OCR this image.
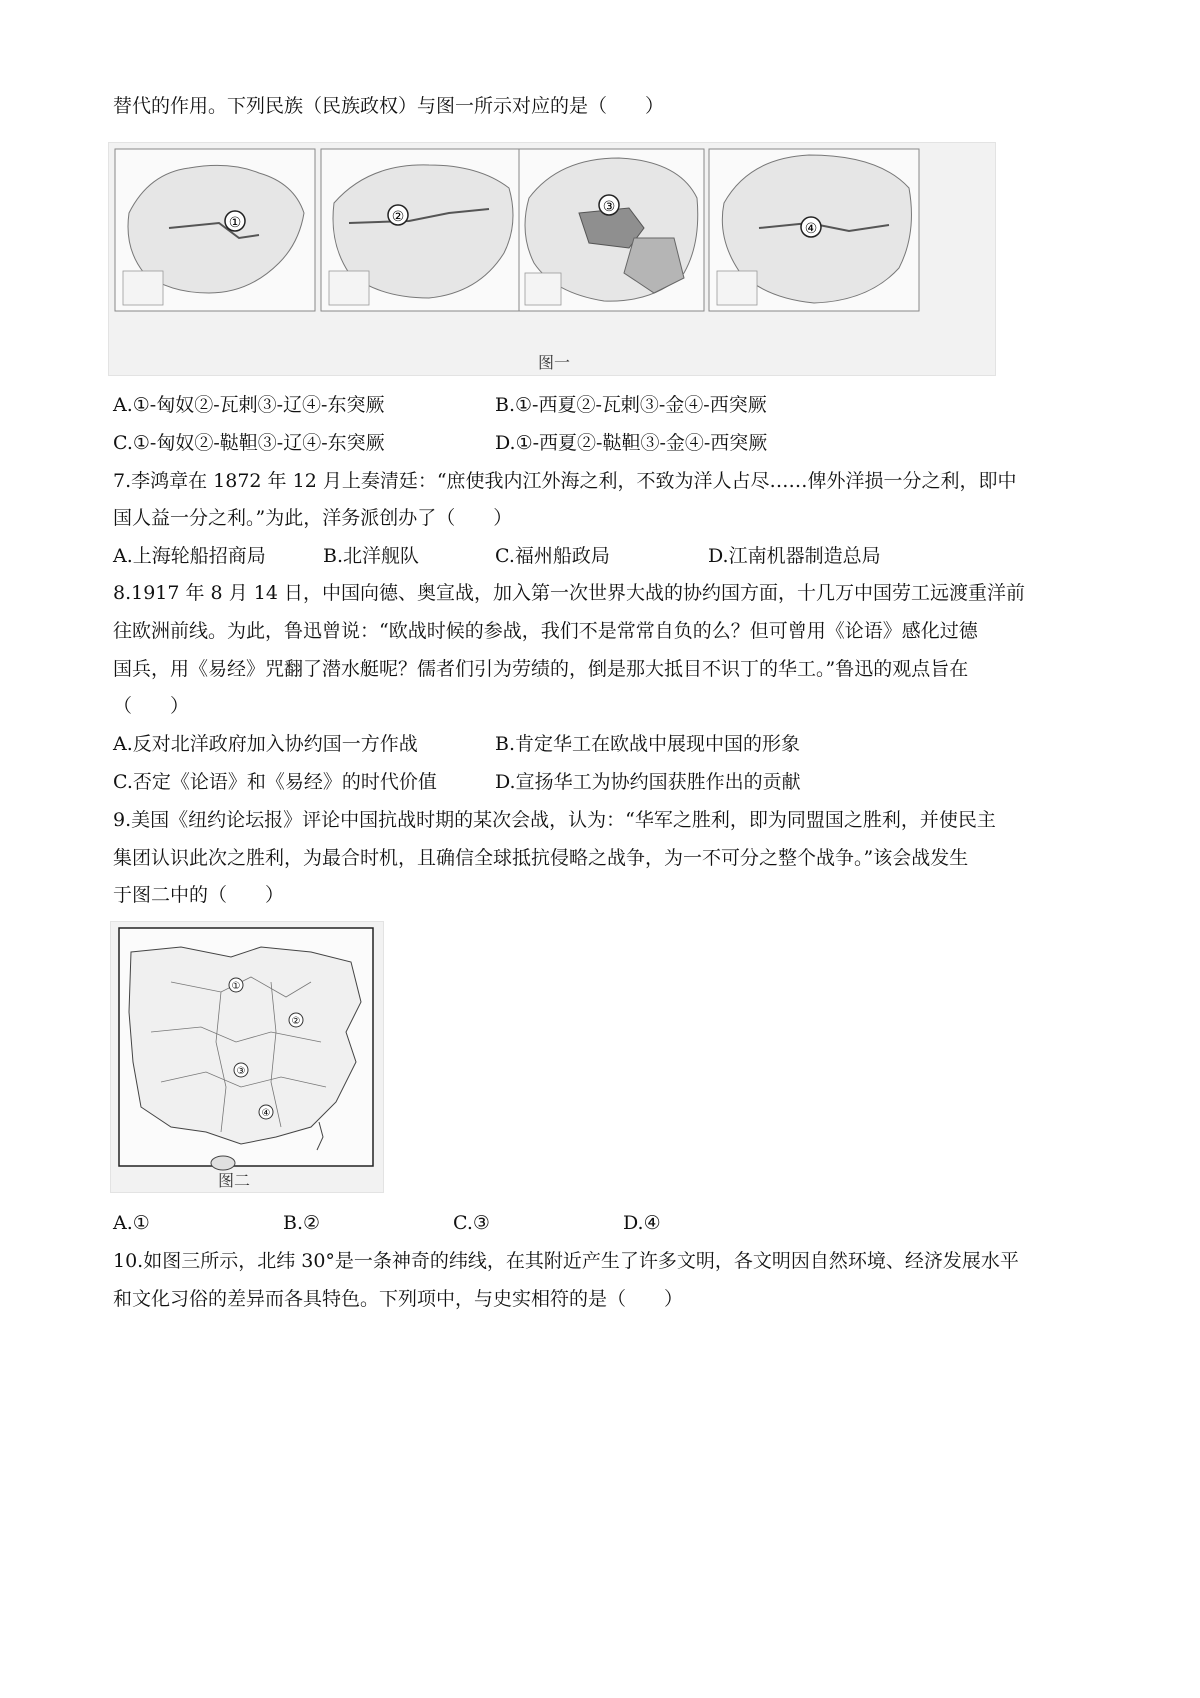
替代的作用。下列民族（民族政权）与图一所示对应的是（　　）
①	②
③
④
图一
A.①-匈奴②-瓦剌③-辽④-东突厥	B.①-西夏②-瓦剌③-金④-西突厥
C.①-匈奴②-鞑靼③-辽④-东突厥	D.①-西夏②-鞑靼③-金④-西突厥
7.李鸿章在 1872 年 12 月上奏清廷：“庶使我内江外海之利，不致为洋人占尽……俾外洋损一分之利，即中
国人益一分之利。”为此，洋务派创办了（　　）
A.上海轮船招商局	B.北洋舰队	C.福州船政局	D.江南机器制造总局
8.1917 年 8 月 14 日，中国向德、奥宣战，加入第一次世界大战的协约国方面，十几万中国劳工远渡重洋前
往欧洲前线。为此，鲁迅曾说：“欧战时候的参战，我们不是常常自负的么？但可曾用《论语》感化过德
国兵，用《易经》咒翻了潜水艇呢？儒者们引为劳绩的，倒是那大抵目不识丁的华工。”鲁迅的观点旨在
（　　）
A.反对北洋政府加入协约国一方作战	B.肯定华工在欧战中展现中国的形象
C.否定《论语》和《易经》的时代价值	D.宣扬华工为协约国获胜作出的贡献
9.美国《纽约论坛报》评论中国抗战时期的某次会战，认为：“华军之胜利，即为同盟国之胜利，并使民主
集团认识此次之胜利，为最合时机，且确信全球抵抗侵略之战争，为一不可分之整个战争。”该会战发生
于图二中的（　　）
①
②
③
④
图二
A.①	B.②	C.③	D.④
10.如图三所示，北纬 30°是一条神奇的纬线，在其附近产生了许多文明，各文明因自然环境、经济发展水平
和文化习俗的差异而各具特色。下列项中，与史实相符的是（　　）
